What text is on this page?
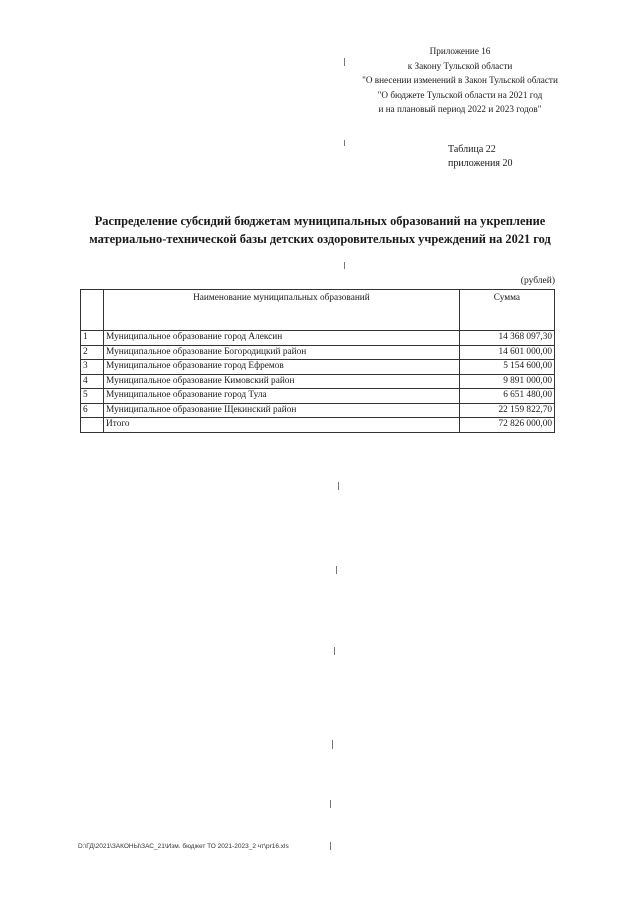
Приложение 16
к Закону Тульской области
"О внесении изменений в Закон Тульской области
"О бюджете Тульской области на 2021 год
и на плановый период 2022 и 2023 годов"
Таблица 22
приложения 20
Распределение субсидий бюджетам муниципальных образований на укрепление
материально-технической базы детских оздоровительных учреждений на 2021 год
(рублей)
	Наименование муниципальных образований	Сумма
1	Муниципальное образование город Алексин	14 368 097,30
2	Муниципальное образование Богородицкий район	14 601 000,00
3	Муниципальное образование город Ефремов	5 154 600,00
4	Муниципальное образование Кимовский район	9 891 000,00
5	Муниципальное образование город Тула	6 651 480,00
6	Муниципальное образование Щекинский район	22 159 822,70
	Итого	72 826 000,00
D:\ГД\2021\ЗАКОНЫ\ЗАС_21\Изм. бюджет ТО 2021-2023_2 чт\pr16.xls
